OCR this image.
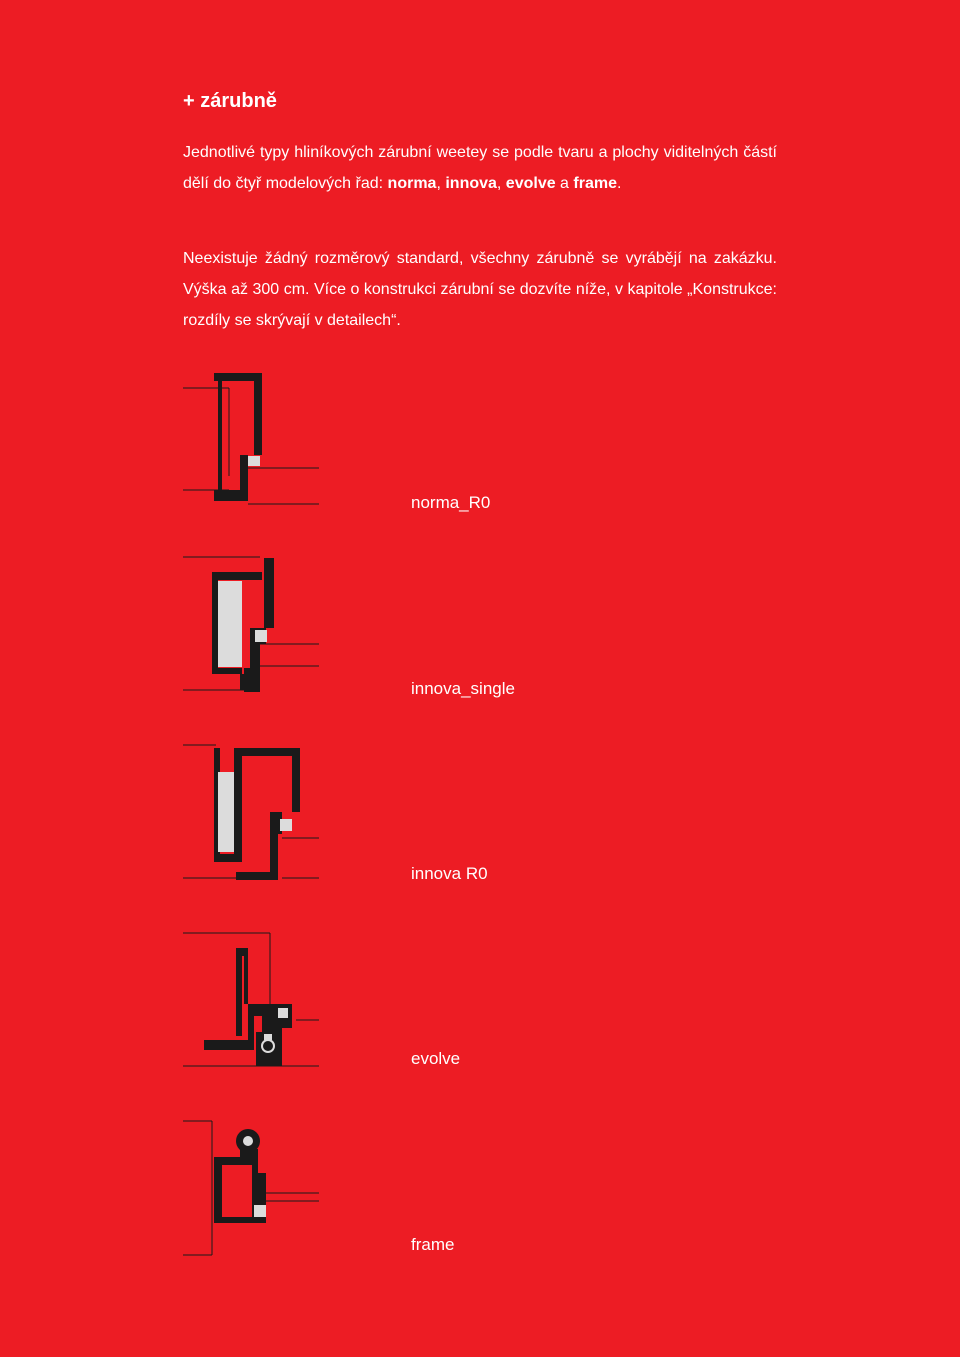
+ zárubně

Jednotlivé typy hliníkových zárubní weetey se podle tvaru a plochy viditelných částí dělí do čtyř modelových řad: norma, innova, evolve a frame.

Neexistuje žádný rozměrový standard, všechny zárubně se vyrábějí na zakázku. Výška až 300 cm. Více o konstrukci zárubní se dozvíte níže, v kapitole „Konstrukce: rozdíly se skrývají v detailech“.

norma_R0

innova_single

innova R0

evolve

frame
